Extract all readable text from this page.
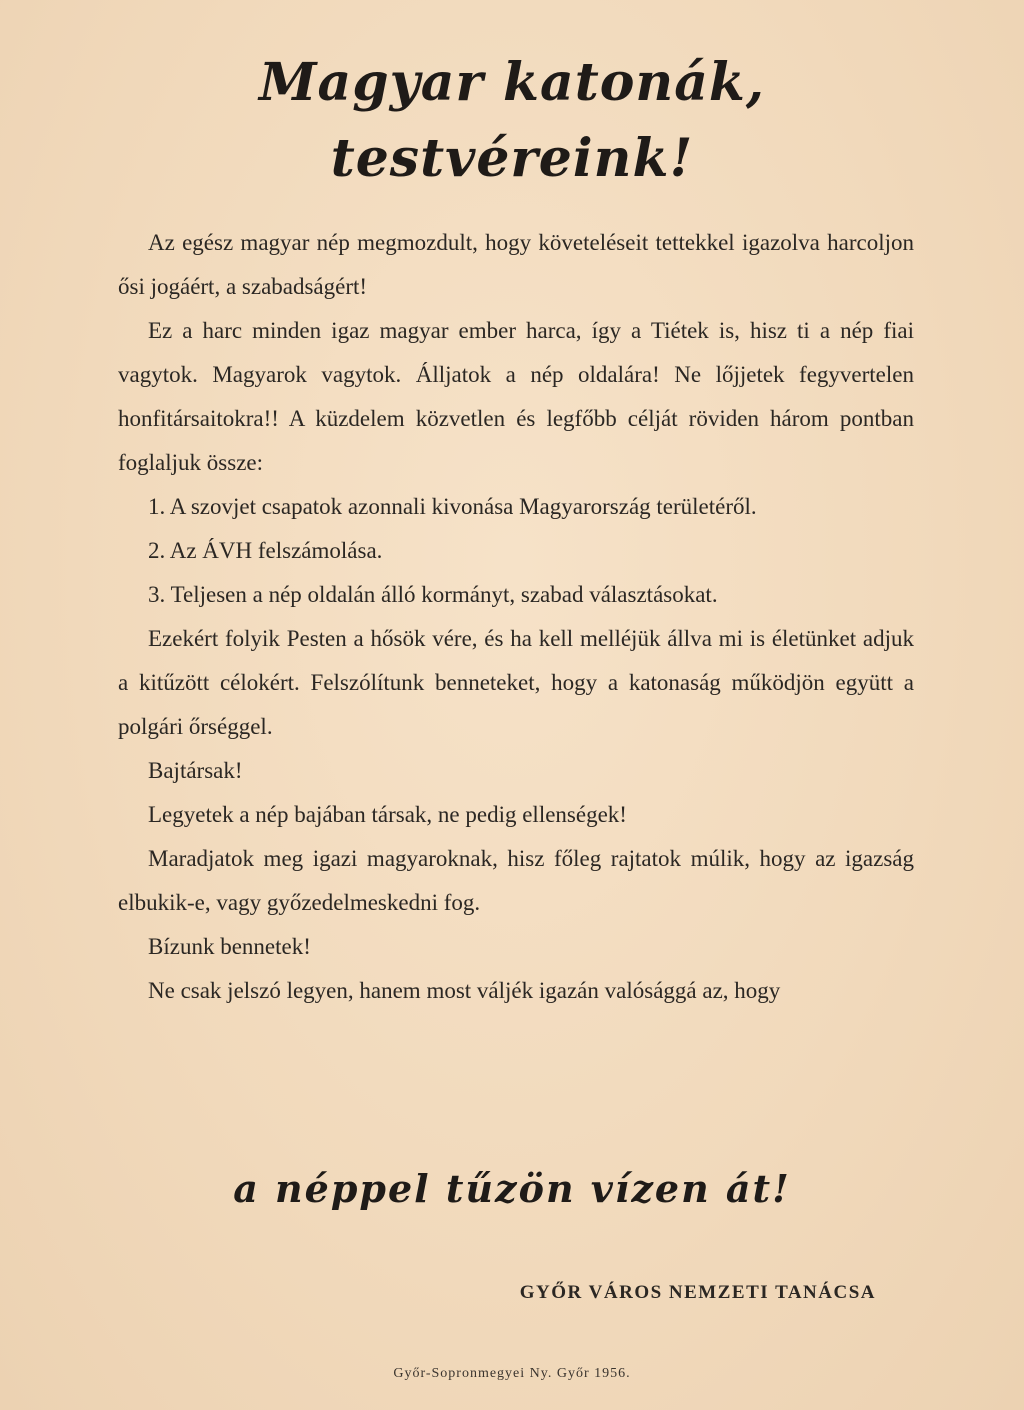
Magyar katonák,
testvéreink!

Az egész magyar nép megmozdult, hogy követeléseit tettekkel igazolva harcoljon ősi jogáért, a szabadságért!

Ez a harc minden igaz magyar ember harca, így a Tiétek is, hisz ti a nép fiai vagytok. Magyarok vagytok. Álljatok a nép oldalára! Ne lőjjetek fegyvertelen honfitársaitokra!! A küzdelem közvetlen és legfőbb célját röviden három pontban foglaljuk össze:

1. A szovjet csapatok azonnali kivonása Magyarország területéről.

2. Az ÁVH felszámolása.

3. Teljesen a nép oldalán álló kormányt, szabad választásokat.

Ezekért folyik Pesten a hősök vére, és ha kell melléjük állva mi is életünket adjuk a kitűzött célokért. Felszólítunk benneteket, hogy a katonaság működjön együtt a polgári őrséggel.

Bajtársak!

Legyetek a nép bajában társak, ne pedig ellenségek!

Maradjatok meg igazi magyaroknak, hisz főleg rajtatok múlik, hogy az igazság elbukik-e, vagy győzedelmeskedni fog.

Bízunk bennetek!

Ne csak jelszó legyen, hanem most váljék igazán valósággá az, hogy

a néppel tűzön vízen át!
GYŐR VÁROS NEMZETI TANÁCSA
Győr-Sopronmegyei Ny. Győr 1956.
